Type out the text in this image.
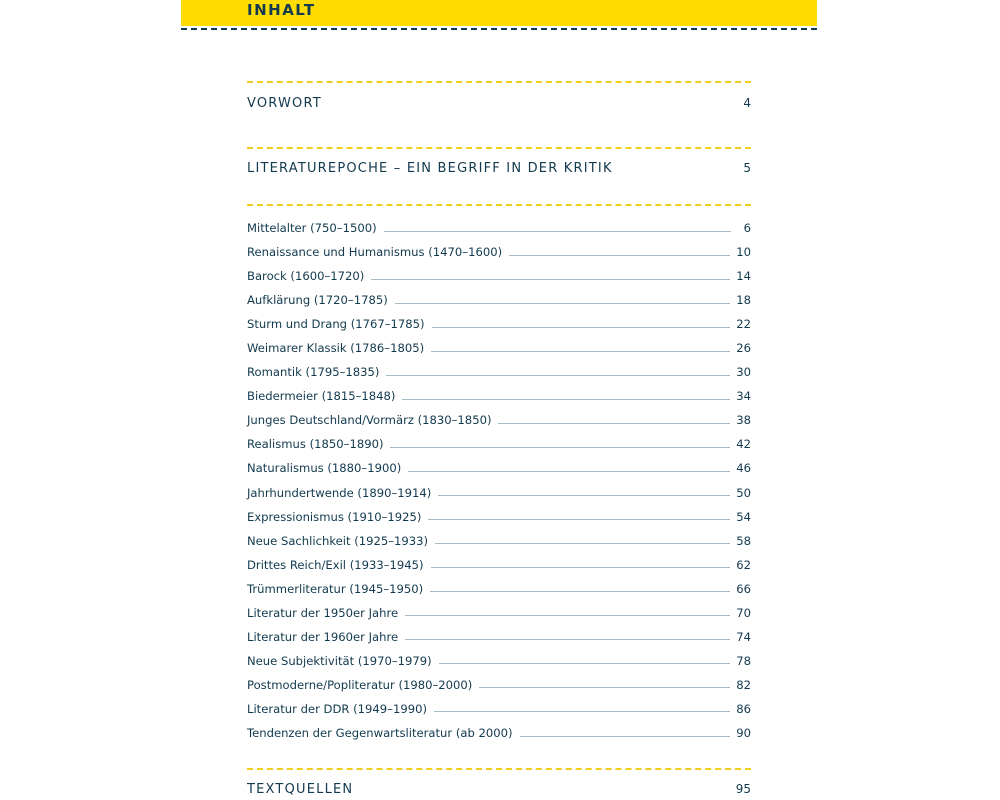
INHALT
VORWORT	4
LITERATUREPOCHE – EIN BEGRIFF IN DER KRITIK	5
Mittelalter (750–1500)	6
Renaissance und Humanismus (1470–1600)	10
Barock (1600–1720)	14
Aufklärung (1720–1785)	18
Sturm und Drang (1767–1785)	22
Weimarer Klassik (1786–1805)	26
Romantik (1795–1835)	30
Biedermeier (1815–1848)	34
Junges Deutschland/Vormärz (1830–1850)	38
Realismus (1850–1890)	42
Naturalismus (1880–1900)	46
Jahrhundertwende (1890–1914)	50
Expressionismus (1910–1925)	54
Neue Sachlichkeit (1925–1933)	58
Drittes Reich/Exil (1933–1945)	62
Trümmerliteratur (1945–1950)	66
Literatur der 1950er Jahre	70
Literatur der 1960er Jahre	74
Neue Subjektivität (1970–1979)	78
Postmoderne/Popliteratur (1980–2000)	82
Literatur der DDR (1949–1990)	86
Tendenzen der Gegenwartsliteratur (ab 2000)	90
TEXTQUELLEN	95
